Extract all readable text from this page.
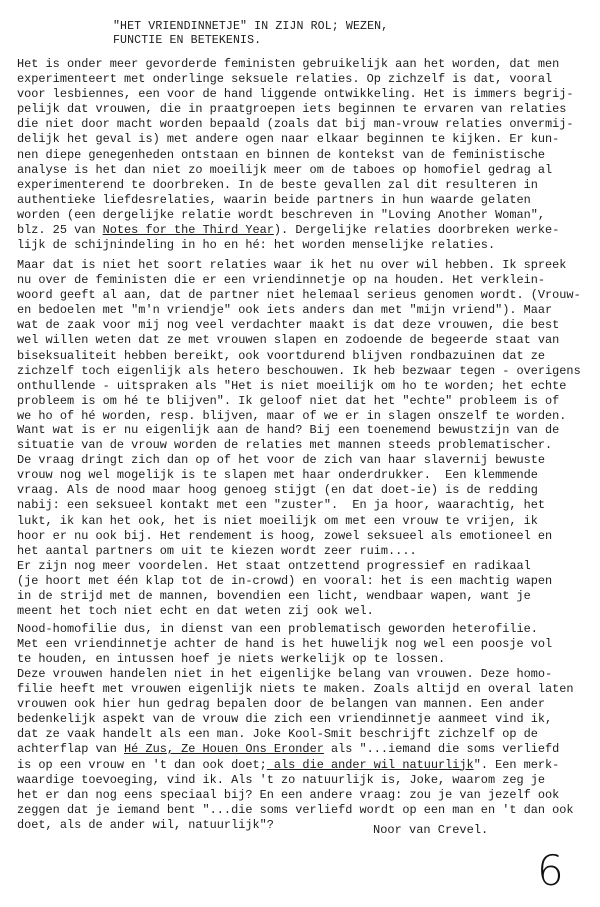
"HET VRIENDINNETJE" IN ZIJN ROL; WEZEN,
FUNCTIE EN BETEKENIS.
Het is onder meer gevorderde feministen gebruikelijk aan het worden, dat men
experimenteert met onderlinge seksuele relaties. Op zichzelf is dat, vooral
voor lesbiennes, een voor de hand liggende ontwikkeling. Het is immers begrij-
pelijk dat vrouwen, die in praatgroepen iets beginnen te ervaren van relaties
die niet door macht worden bepaald (zoals dat bij man-vrouw relaties onvermij-
delijk het geval is) met andere ogen naar elkaar beginnen te kijken. Er kun-
nen diepe genegenheden ontstaan en binnen de kontekst van de feministische
analyse is het dan niet zo moeilijk meer om de taboes op homofiel gedrag al
experimenterend te doorbreken. In de beste gevallen zal dit resulteren in
authentieke liefdesrelaties, waarin beide partners in hun waarde gelaten
worden (een dergelijke relatie wordt beschreven in "Loving Another Woman",
blz. 25 van Notes for the Third Year). Dergelijke relaties doorbreken werke-
lijk de schijnindeling in ho en hé: het worden menselijke relaties.
Maar dat is niet het soort relaties waar ik het nu over wil hebben. Ik spreek
nu over de feministen die er een vriendinnetje op na houden. Het verklein-
woord geeft al aan, dat de partner niet helemaal serieus genomen wordt. (Vrouw-
en bedoelen met "m'n vriendje" ook iets anders dan met "mijn vriend"). Maar
wat de zaak voor mij nog veel verdachter maakt is dat deze vrouwen, die best
wel willen weten dat ze met vrouwen slapen en zodoende de begeerde staat van
biseksualiteit hebben bereikt, ook voortdurend blijven rondbazuinen dat ze
zichzelf toch eigenlijk als hetero beschouwen. Ik heb bezwaar tegen - overigens
onthullende - uitspraken als "Het is niet moeilijk om ho te worden; het echte
probleem is om hé te blijven". Ik geloof niet dat het "echte" probleem is of
we ho of hé worden, resp. blijven, maar of we er in slagen onszelf te worden.
Want wat is er nu eigenlijk aan de hand? Bij een toenemend bewustzijn van de
situatie van de vrouw worden de relaties met mannen steeds problematischer.
De vraag dringt zich dan op of het voor de zich van haar slavernij bewuste
vrouw nog wel mogelijk is te slapen met haar onderdrukker.  Een klemmende
vraag. Als de nood maar hoog genoeg stijgt (en dat doet-ie) is de redding
nabij: een seksueel kontakt met een "zuster".  En ja hoor, waarachtig, het
lukt, ik kan het ook, het is niet moeilijk om met een vrouw te vrijen, ik
hoor er nu ook bij. Het rendement is hoog, zowel seksueel als emotioneel en
het aantal partners om uit te kiezen wordt zeer ruim....
Er zijn nog meer voordelen. Het staat ontzettend progressief en radikaal
(je hoort met één klap tot de in-crowd) en vooral: het is een machtig wapen
in de strijd met de mannen, bovendien een licht, wendbaar wapen, want je
meent het toch niet echt en dat weten zij ook wel.
Nood-homofilie dus, in dienst van een problematisch geworden heterofilie.
Met een vriendinnetje achter de hand is het huwelijk nog wel een poosje vol
te houden, en intussen hoef je niets werkelijk op te lossen.
Deze vrouwen handelen niet in het eigenlijke belang van vrouwen. Deze homo-
filie heeft met vrouwen eigenlijk niets te maken. Zoals altijd en overal laten
vrouwen ook hier hun gedrag bepalen door de belangen van mannen. Een ander
bedenkelijk aspekt van de vrouw die zich een vriendinnetje aanmeet vind ik,
dat ze vaak handelt als een man. Joke Kool-Smit beschrijft zichzelf op de
achterflap van Hé Zus, Ze Houen Ons Eronder als "...iemand die soms verliefd
is op een vrouw en 't dan ook doet; als die ander wil natuurlijk". Een merk-
waardige toevoeging, vind ik. Als 't zo natuurlijk is, Joke, waarom zeg je
het er dan nog eens speciaal bij? En een andere vraag: zou je van jezelf ook
zeggen dat je iemand bent "...die soms verliefd wordt op een man en 't dan ook
doet, als de ander wil, natuurlijk"?	Noor van Crevel.
6
